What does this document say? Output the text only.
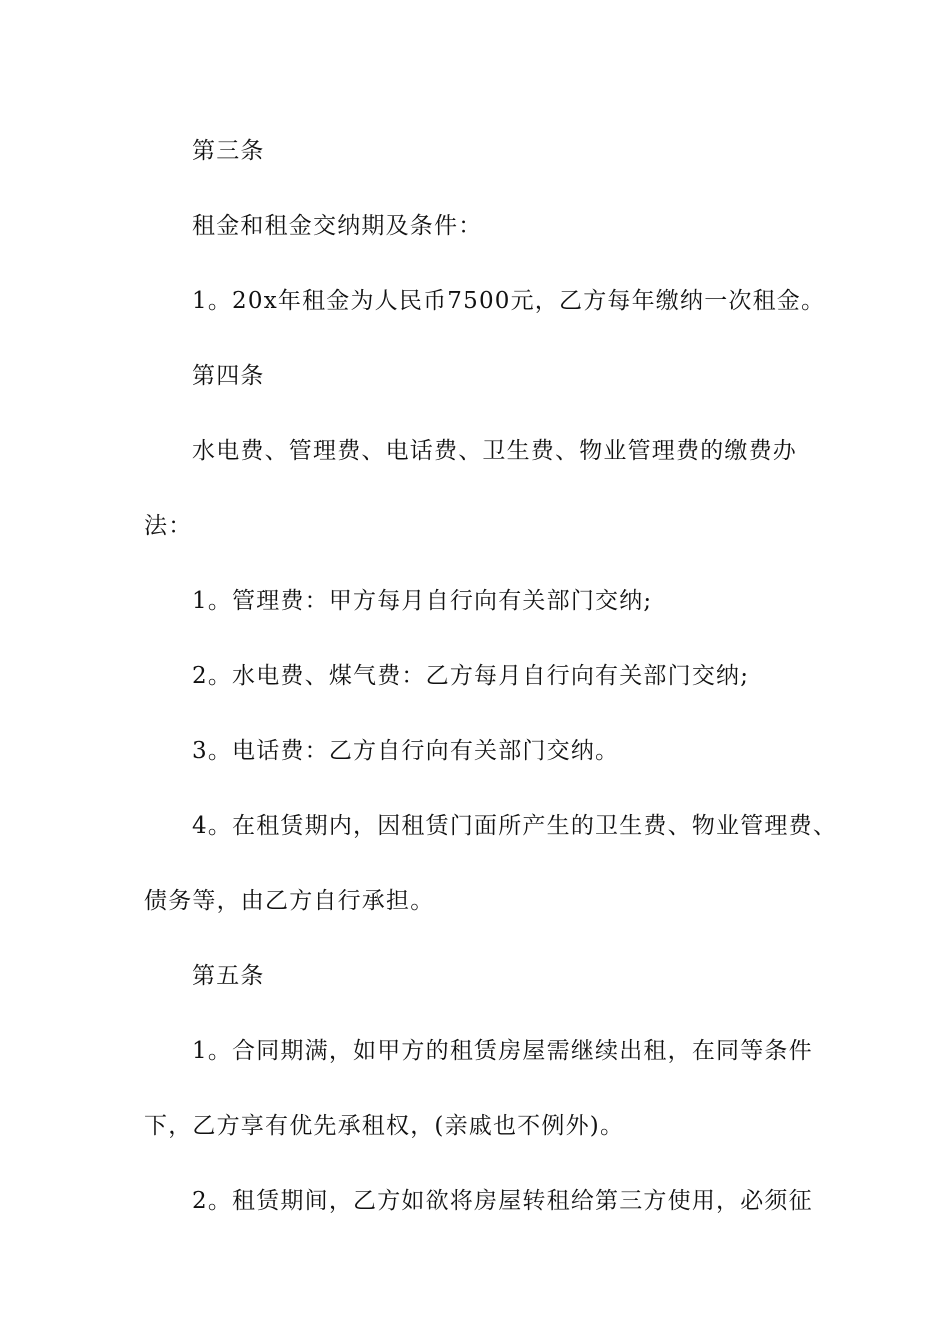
第三条
租金和租金交纳期及条件：
1。20x年租金为人民币7500元，乙方每年缴纳一次租金。
第四条
水电费、管理费、电话费、卫生费、物业管理费的缴费办
法：
1。管理费：甲方每月自行向有关部门交纳;
2。水电费、煤气费：乙方每月自行向有关部门交纳;
3。电话费：乙方自行向有关部门交纳。
4。在租赁期内，因租赁门面所产生的卫生费、物业管理费、
债务等，由乙方自行承担。
第五条
1。合同期满，如甲方的租赁房屋需继续出租，在同等条件
下，乙方享有优先承租权，(亲戚也不例外)。
2。租赁期间，乙方如欲将房屋转租给第三方使用，必须征
